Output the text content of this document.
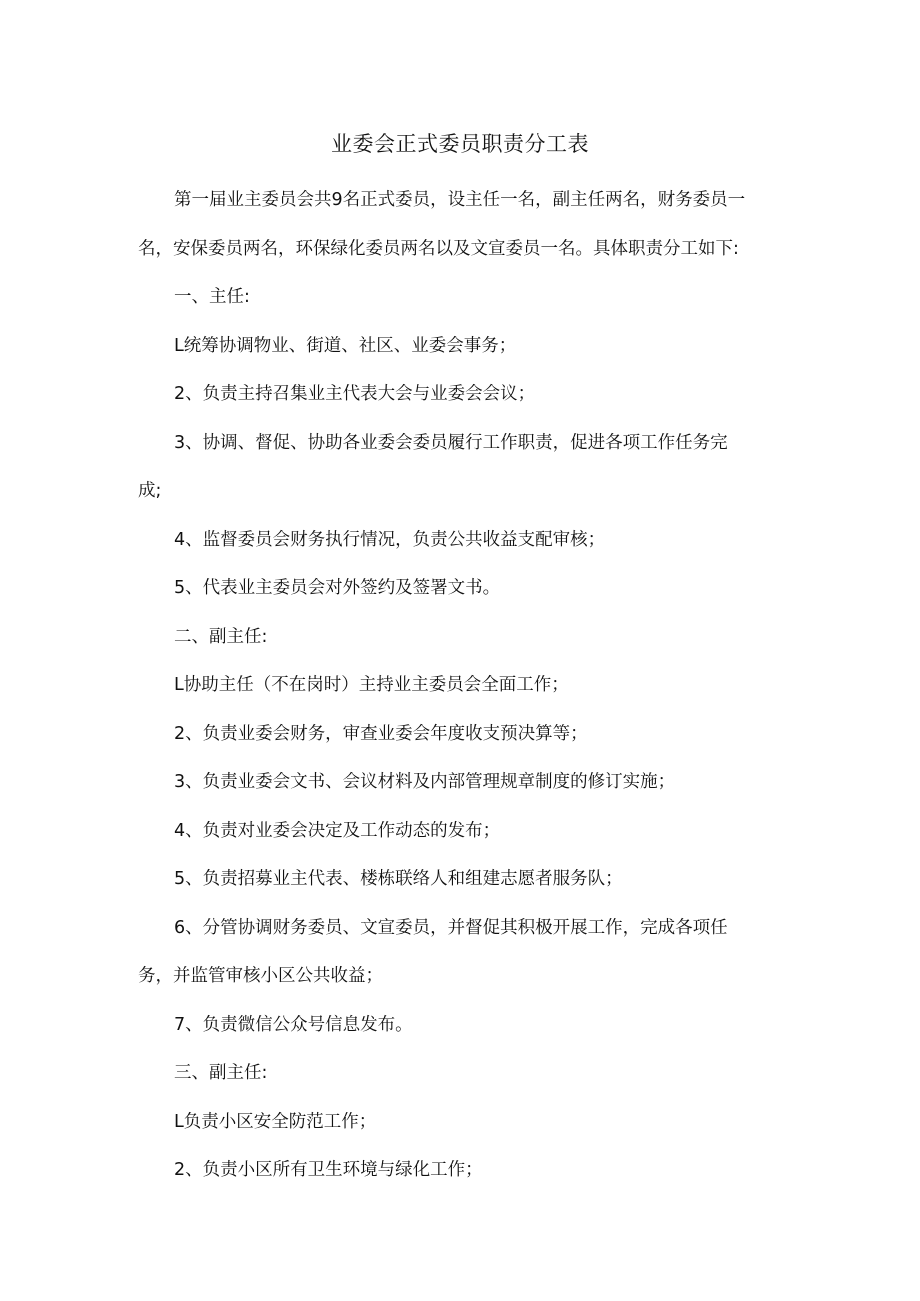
业委会正式委员职责分工表

第一届业主委员会共9名正式委员，设主任一名，副主任两名，财务委员一

名，安保委员两名，环保绿化委员两名以及文宣委员一名。具体职责分工如下:

一、主任:

L统筹协调物业、街道、社区、业委会事务；

2、负责主持召集业主代表大会与业委会会议；

3、协调、督促、协助各业委会委员履行工作职责，促进各项工作任务完

成;

4、监督委员会财务执行情况，负责公共收益支配审核；

5、代表业主委员会对外签约及签署文书。

二、副主任:

L协助主任（不在岗时）主持业主委员会全面工作；

2、负责业委会财务，审查业委会年度收支预决算等；

3、负责业委会文书、会议材料及内部管理规章制度的修订实施；

4、负责对业委会决定及工作动态的发布；

5、负责招募业主代表、楼栋联络人和组建志愿者服务队；

6、分管协调财务委员、文宣委员，并督促其积极开展工作，完成各项任

务，并监管审核小区公共收益；

7、负责微信公众号信息发布。

三、副主任:

L负责小区安全防范工作；

2、负责小区所有卫生环境与绿化工作；
